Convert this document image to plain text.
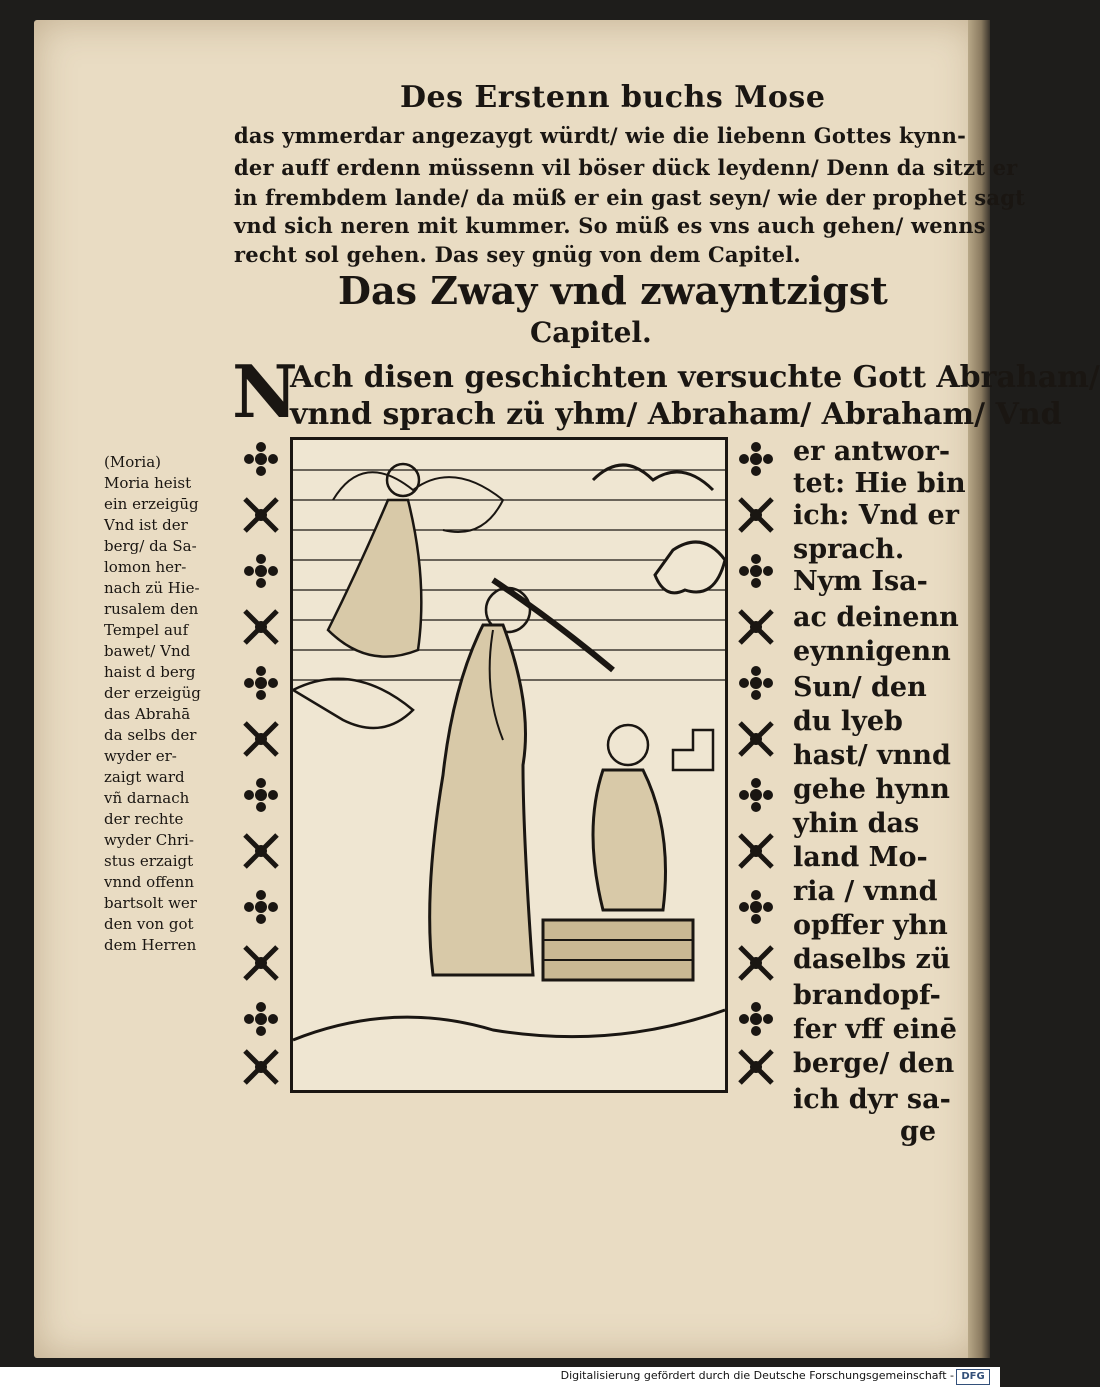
Des Erstenn buchs Mose
das ymmerdar angezaygt würdt/ wie die liebenn Gottes kynn-
der auff erdenn müssenn vil böser dück leydenn/ Denn da sitzt er
in frembdem lande/ da müß er ein gast seyn/ wie der prophet sagt
vnd sich neren mit kummer. So müß es vns auch gehen/ wenns
recht sol gehen. Das sey gnüg von dem Capitel.
Das Zway vnd zwayntzigst
Capitel.
N
Ach disen geschichten versuchte Gott Abraham/
vnnd sprach zü yhm/ Abraham/ Abraham/ Vnd
(Moria)
Moria heist
ein erzeigūg
Vnd ist der
berg/ da Sa-
lomon her-
nach zü Hie-
rusalem den
Tempel auf
bawet/ Vnd
haist d berg
der erzeigüg
das Abrahā
da selbs der
wyder er-
zaigt ward
vñ darnach
der rechte
wyder Chri-
stus erzaigt
vnnd offenn
bartsolt wer
den von got
dem Herren
er antwor-
tet: Hie bin
ich: Vnd er
sprach.
Nym Isa-
ac deinenn
eynnigenn
Sun/ den
du lyeb
hast/ vnnd
gehe hynn
yhin das
land Mo-
ria / vnnd
opffer yhn
daselbs zü
brandopf-
fer vff einē
berge/ den
ich dyr sa-
ge
Digitalisierung gefördert durch die Deutsche Forschungsgemeinschaft - DFG
